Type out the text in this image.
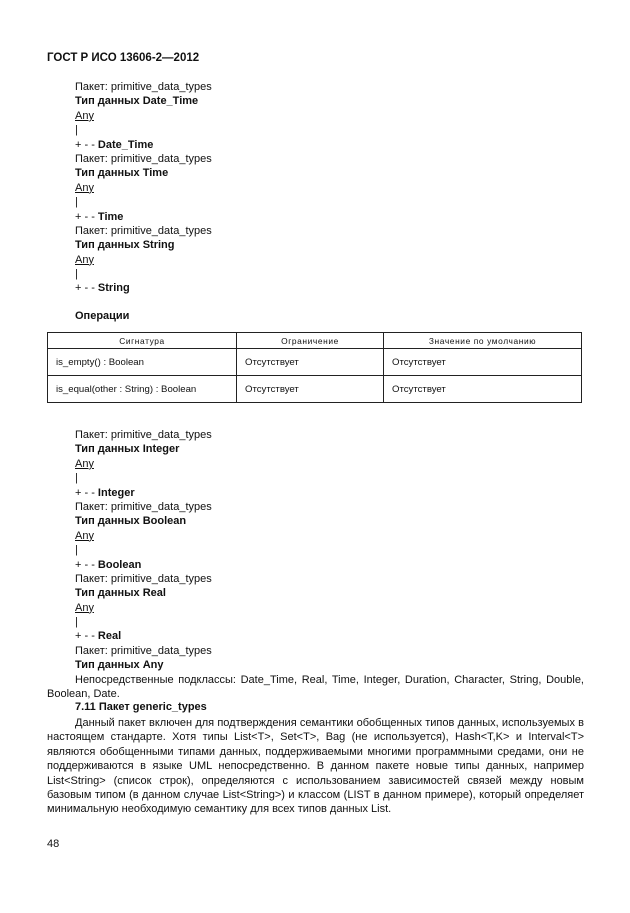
ГОСТ Р ИСО 13606-2—2012
Пакет: primitive_data_types
Тип данных Date_Time
Any
|
+ - - Date_Time
Пакет: primitive_data_types
Тип данных Time
Any
|
+ - - Time
Пакет: primitive_data_types
Тип данных String
Any
|
+ - - String
Операции
Сигнатура	Ограничение	Значение по умолчанию
is_empty() : Boolean	Отсутствует	Отсутствует
is_equal(other : String) : Boolean	Отсутствует	Отсутствует
Пакет: primitive_data_types
Тип данных Integer
Any
|
+ - - Integer
Пакет: primitive_data_types
Тип данных Boolean
Any
|
+ - - Boolean
Пакет: primitive_data_types
Тип данных Real
Any
|
+ - - Real
Пакет: primitive_data_types
Тип данных Any

Непосредственные подклассы: Date_Time, Real, Time, Integer, Duration, Character, String, Double, Boolean, Date.

7.11 Пакет generic_types

Данный пакет включен для подтверждения семантики обобщенных типов данных, используемых в настоящем стандарте. Хотя типы List<T>, Set<T>, Bag (не используется), Hash<T,K> и Interval<T> являются обобщенными типами данных, поддерживаемыми многими программными средами, они не поддерживаются в языке UML непосредственно. В данном пакете новые типы данных, например List<String> (список строк), определяются с использованием зависимостей связей между новым базовым типом (в данном случае List<String>) и классом (LIST в данном примере), который определяет минимальную необходимую семантику для всех типов данных List.

48
